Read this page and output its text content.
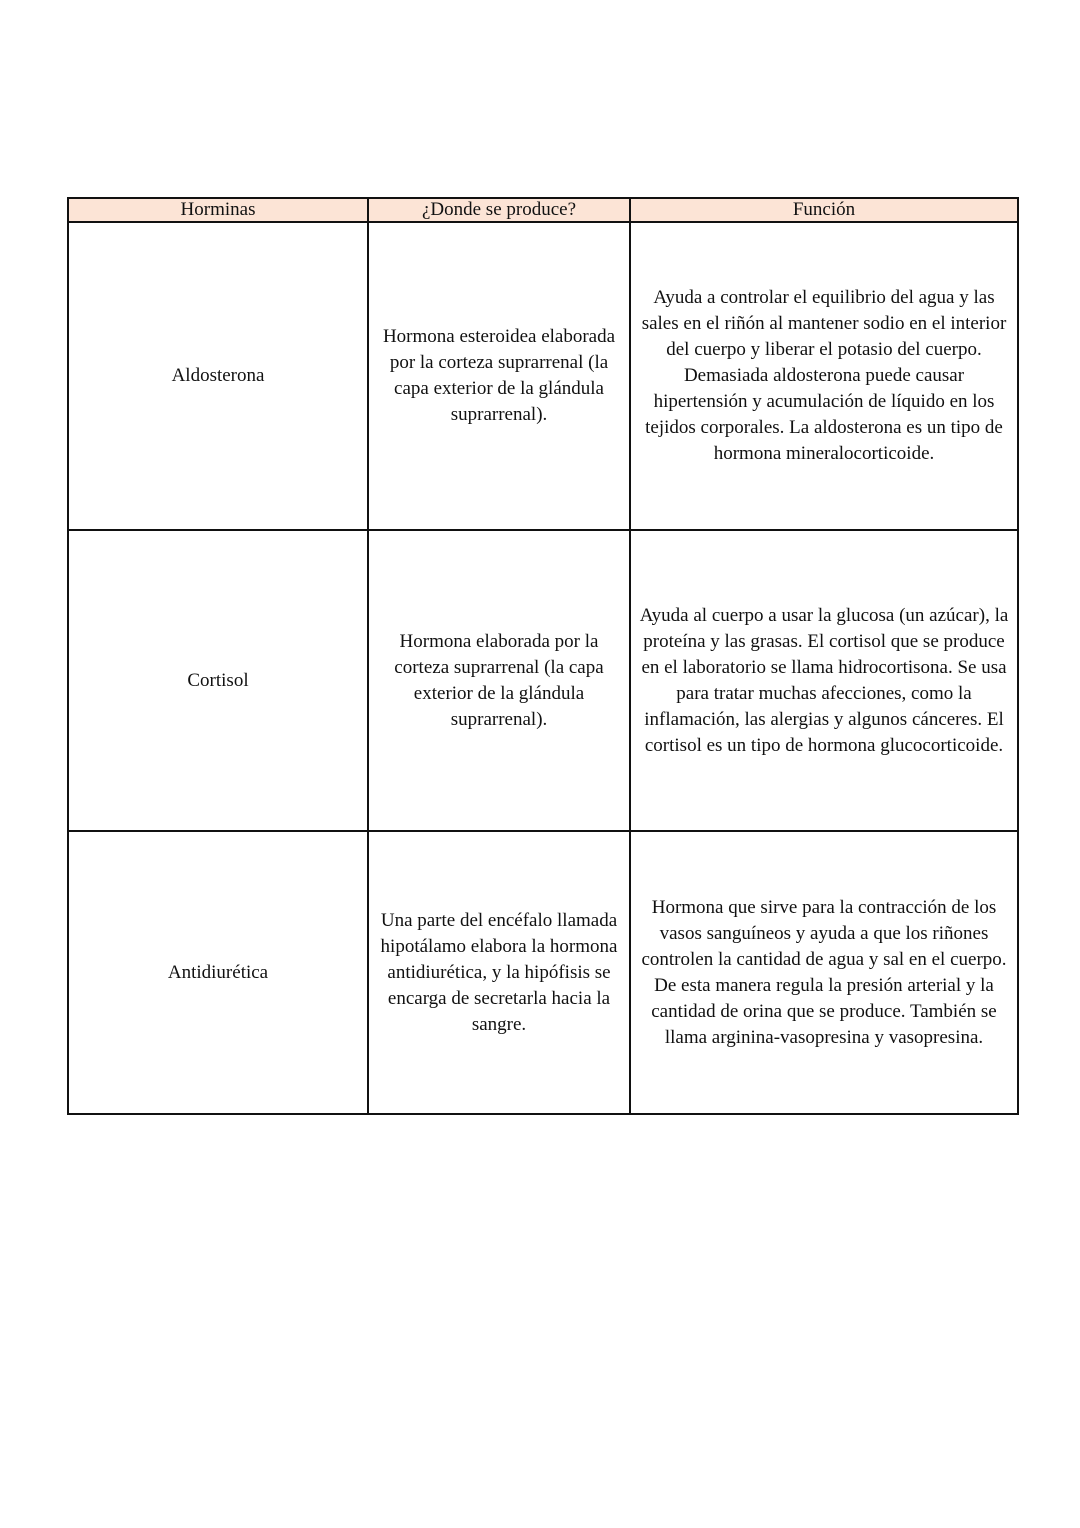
Horminas	¿Donde se produce?	Función
Aldosterona	Hormona esteroidea elaborada por la corteza suprarrenal (la capa exterior de la glándula suprarrenal).	Ayuda a controlar el equilibrio del agua y las sales en el riñón al mantener sodio en el interior del cuerpo y liberar el potasio del cuerpo. Demasiada aldosterona puede causar hipertensión y acumulación de líquido en los tejidos corporales. La aldosterona es un tipo de hormona mineralocorticoide.
Cortisol	Hormona elaborada por la corteza suprarrenal (la capa exterior de la glándula suprarrenal).	Ayuda al cuerpo a usar la glucosa (un azúcar), la proteína y las grasas. El cortisol que se produce en el laboratorio se llama hidrocortisona. Se usa para tratar muchas afecciones, como la inflamación, las alergias y algunos cánceres. El cortisol es un tipo de hormona glucocorticoide.
Antidiurética	Una parte del encéfalo llamada hipotálamo elabora la hormona antidiurética, y la hipófisis se encarga de secretarla hacia la sangre.	Hormona que sirve para la contracción de los vasos sanguíneos y ayuda a que los riñones controlen la cantidad de agua y sal en el cuerpo. De esta manera regula la presión arterial y la cantidad de orina que se produce. También se llama arginina-vasopresina y vasopresina.
